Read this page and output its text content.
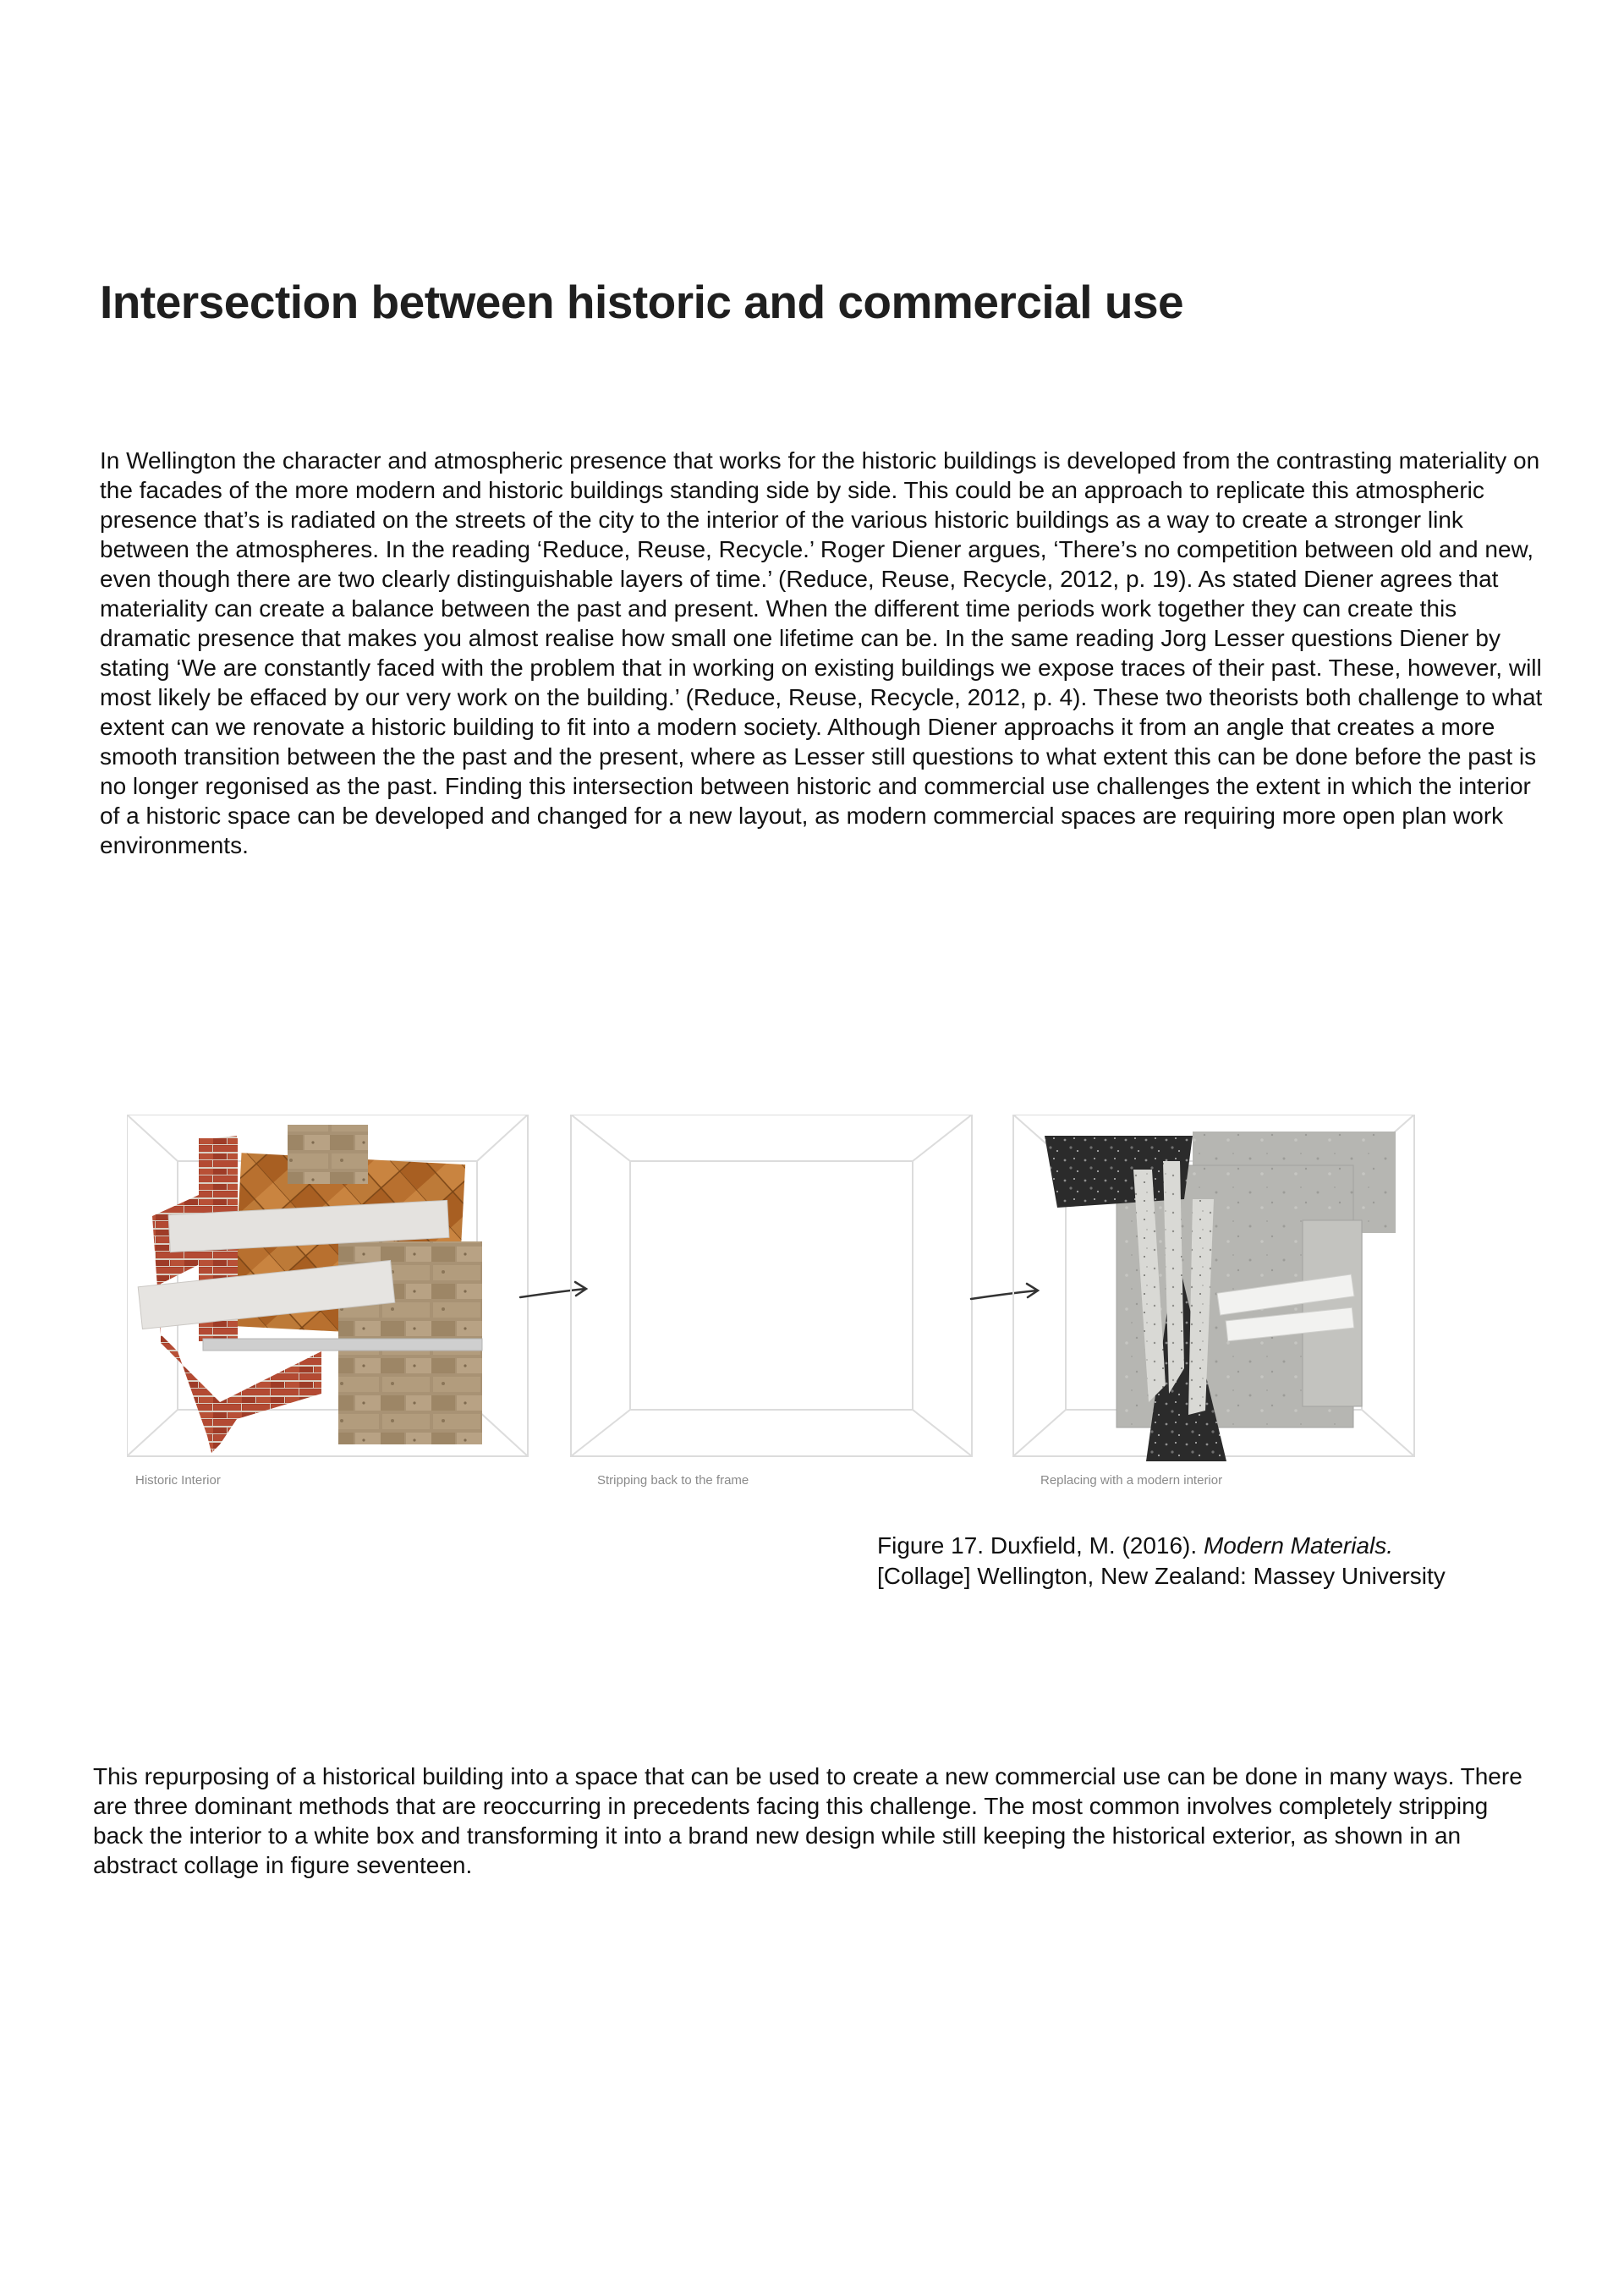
Intersection between historic and commercial use

In Wellington the character and atmospheric presence that works for the historic buildings is developed from the contrasting materiality on the facades of the more modern and historic buildings standing side by side. This could be an approach to replicate this atmospheric presence that’s is radiated on the streets of the city to the interior of the various historic buildings as a way to create a stronger link between the atmospheres. In the reading ‘Reduce, Reuse, Recycle.’ Roger Diener argues, ‘There’s no competition between old and new, even though there are two clearly distinguishable layers of time.’ (Reduce, Reuse, Recycle, 2012, p. 19). As stated Diener agrees that materiality can create a balance between the past and present. When the different time periods work together they can create this dramatic presence that makes you almost realise how small one lifetime can be. In the same reading Jorg Lesser questions Diener by stating ‘We are constantly faced with the problem that in working on existing buildings we expose traces of their past. These, however, will most likely be effaced by our very work on the building.’ (Reduce, Reuse, Recycle, 2012, p. 4). These two theorists both challenge to what extent can we renovate a historic building to fit into a modern society. Although Diener approachs it from an angle that creates a more smooth transition between the the past and the present, where as Lesser still questions to what extent this can be done before the past is no longer regonised as the past. Finding this intersection between historic and commercial use challenges the extent in which the interior of a historic space can be developed and changed for a new layout, as modern commercial spaces are requiring more open plan work environments.

Historic Interior	Stripping back to the frame	Replacing with a modern interior
Figure 17. Duxfield, M. (2016). Modern Materials.
[Collage] Wellington, New Zealand: Massey University

This repurposing of a historical building into a space that can be used to create a new commercial use can be done in many ways. There are three dominant methods that are reoccurring in precedents facing this challenge. The most common involves completely stripping back the interior to a white box and transforming it into a brand new design while still keeping the historical exterior, as shown in an abstract collage in figure seventeen.
